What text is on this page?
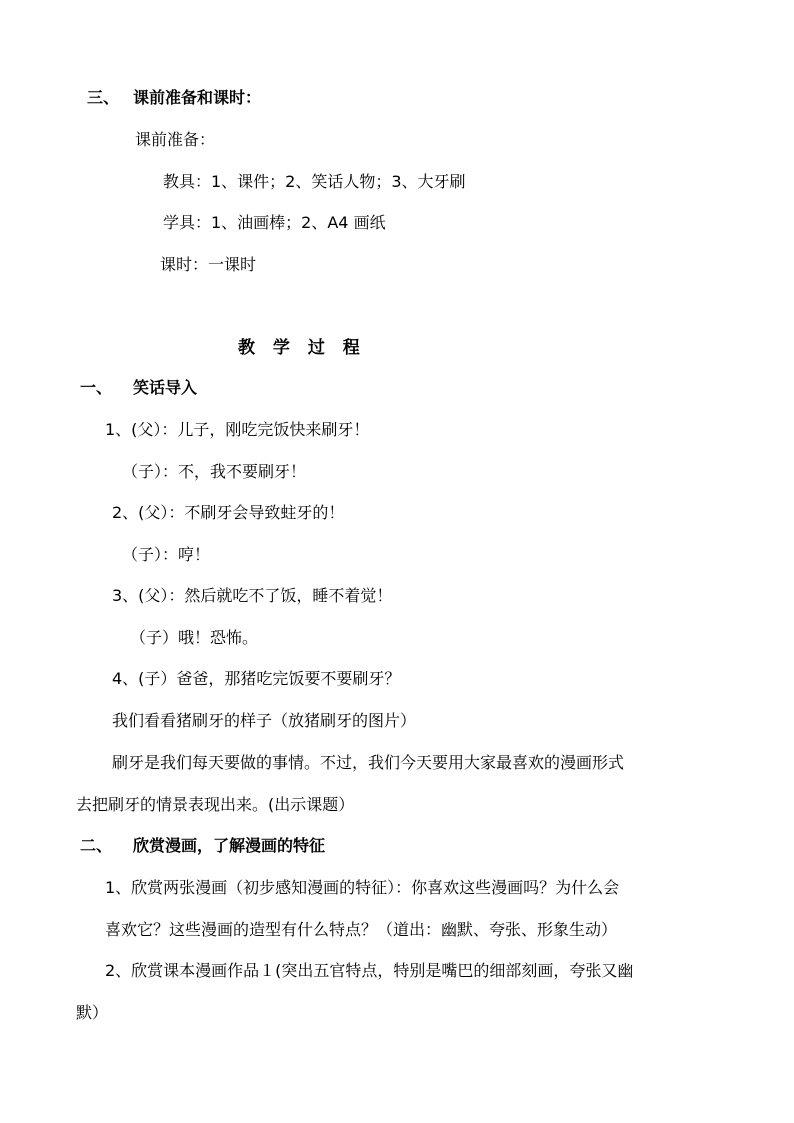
三、 课前准备和课时：
课前准备：
教具：1、课件；2、笑话人物；3、大牙刷
学具：1、油画棒；2、A4 画纸
课时：一课时
教 学 过 程
一、 笑话导入
1、(父）：儿子，刚吃完饭快来刷牙！
（子）：不，我不要刷牙！
2、(父）：不刷牙会导致蛀牙的！
（子）：哼！
3、(父）：然后就吃不了饭，睡不着觉！
（子）哦！恐怖。
4、(子）爸爸，那猪吃完饭要不要刷牙？
我们看看猪刷牙的样子（放猪刷牙的图片）
刷牙是我们每天要做的事情。不过，我们今天要用大家最喜欢的漫画形式
去把刷牙的情景表现出来。(出示课题）
二、 欣赏漫画，了解漫画的特征
1、欣赏两张漫画（初步感知漫画的特征）：你喜欢这些漫画吗？为什么会
喜欢它？这些漫画的造型有什么特点？（道出：幽默、夸张、形象生动）
2、欣赏课本漫画作品１(突出五官特点，特别是嘴巴的细部刻画，夸张又幽
默）
